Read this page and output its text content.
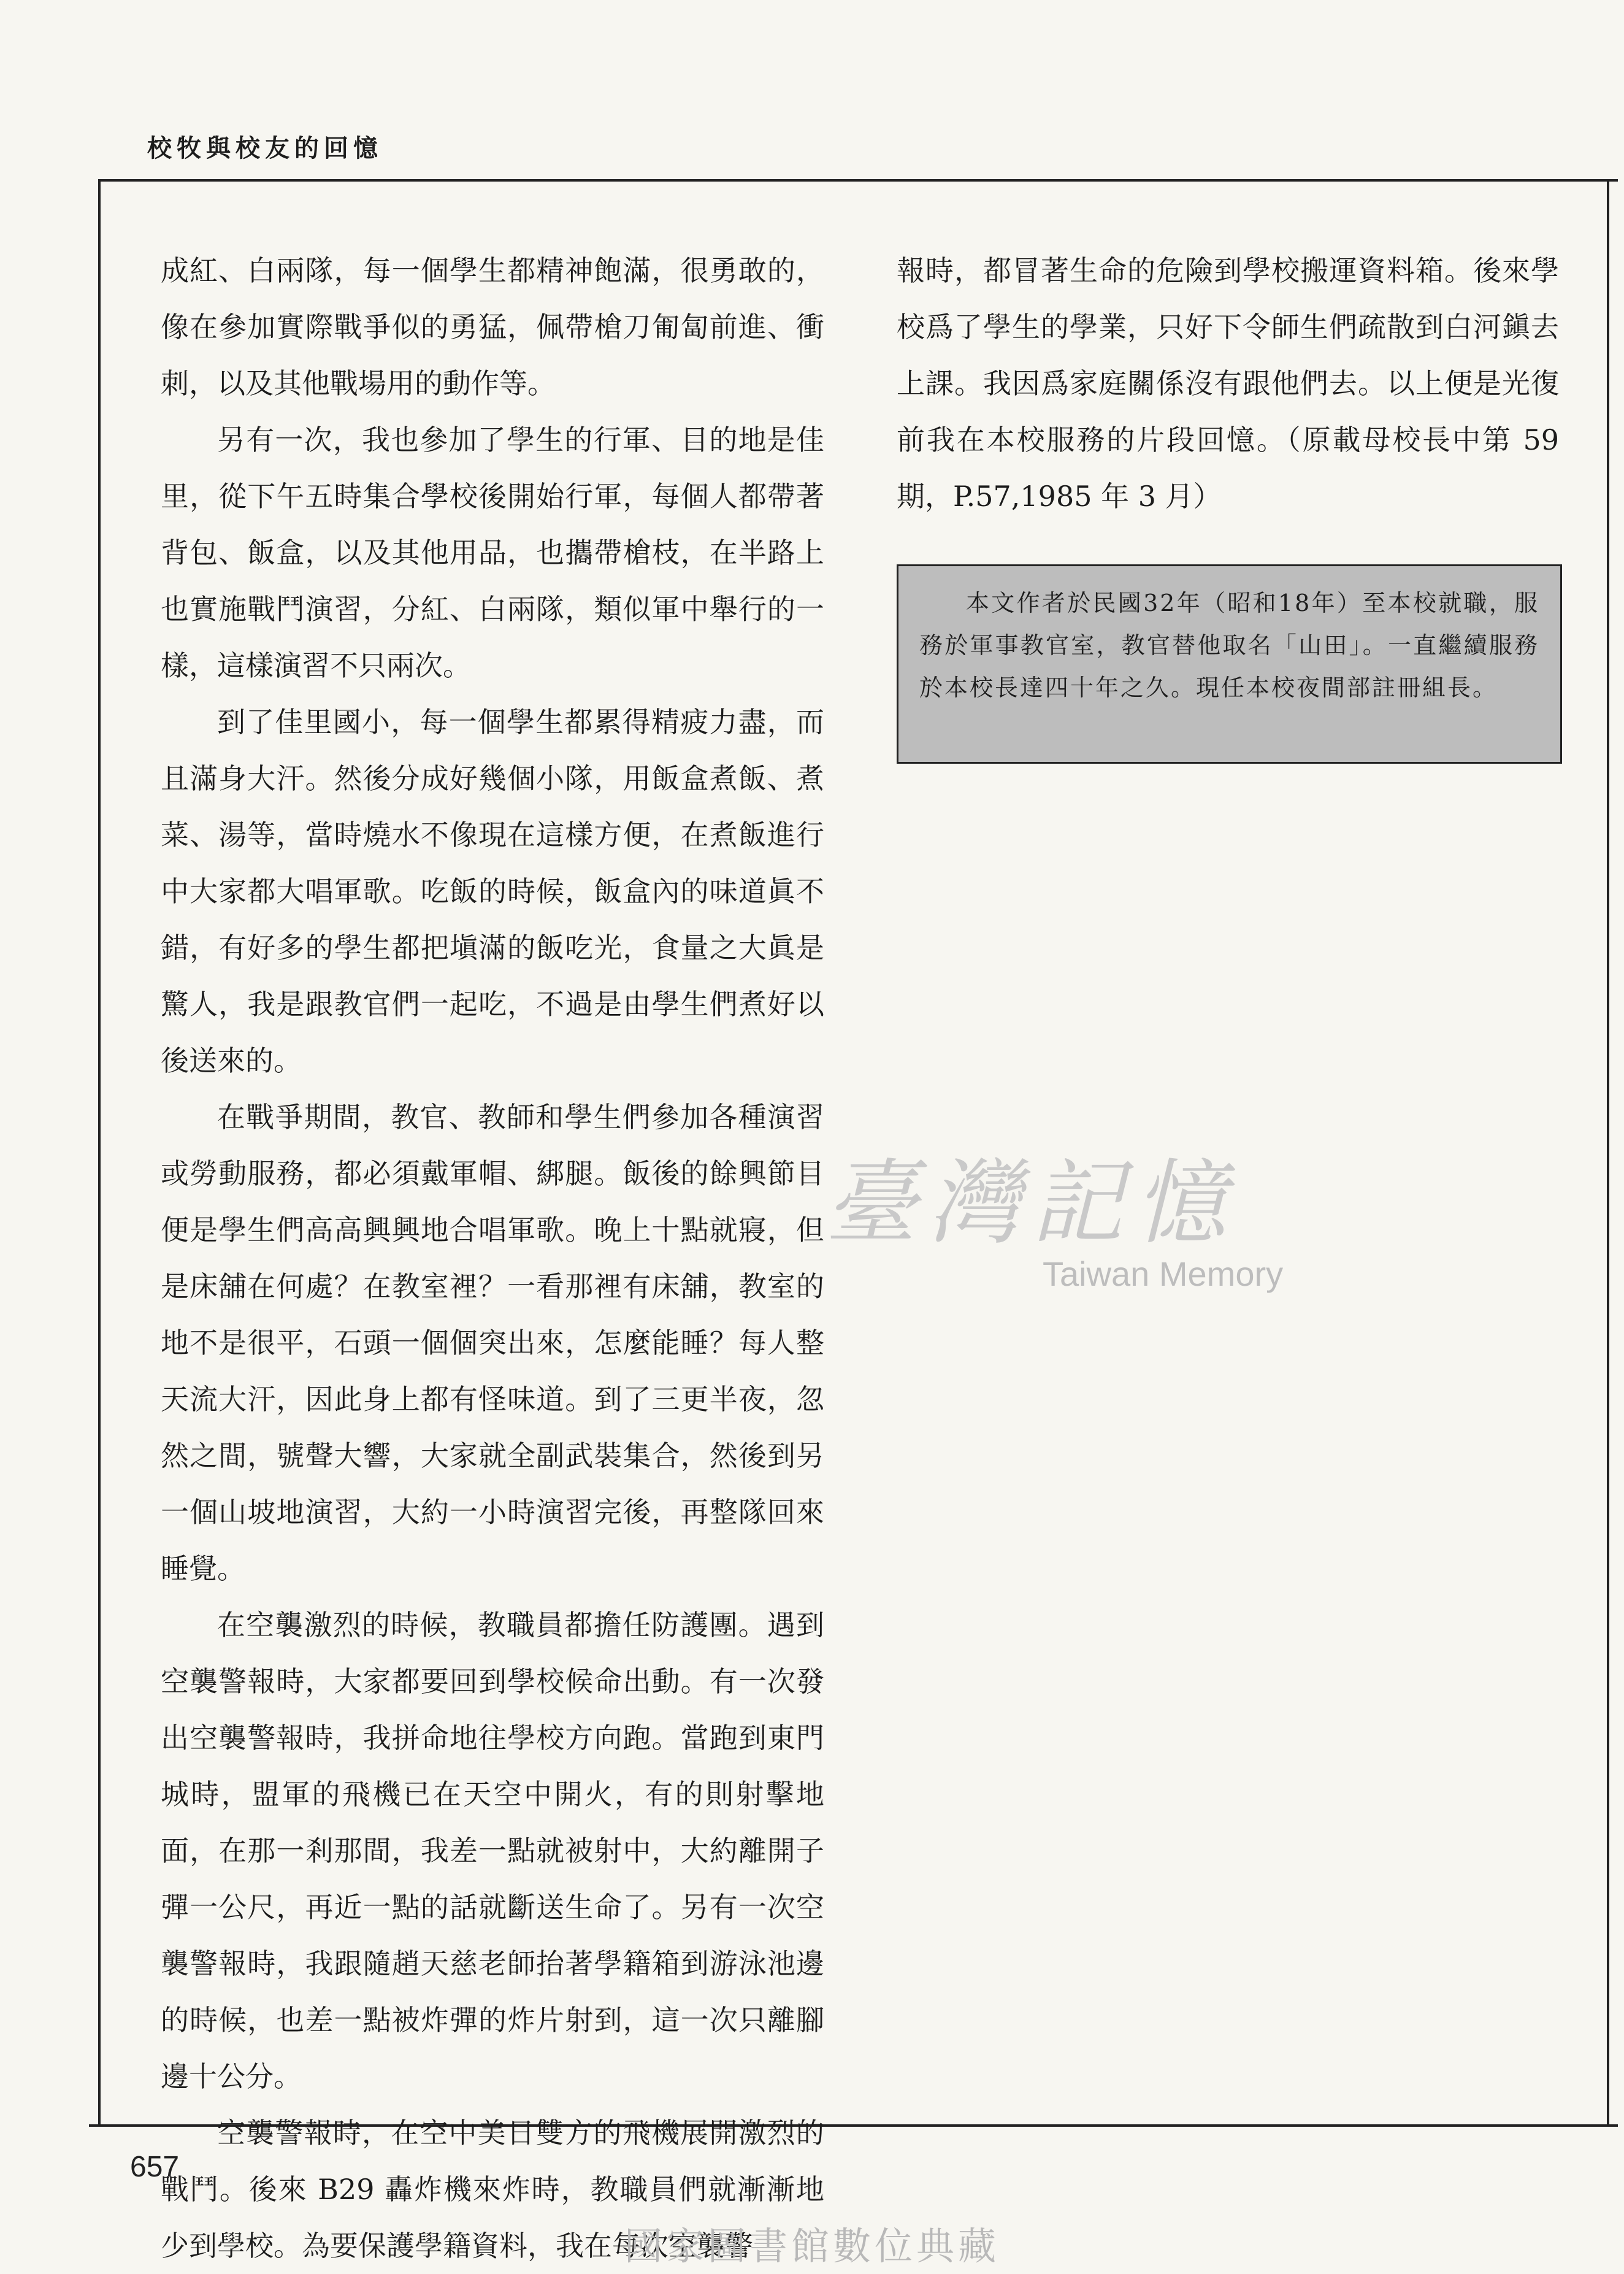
校牧與校友的回憶

成紅、白兩隊，每一個學生都精神飽滿，很勇敢的，像在參加實際戰爭似的勇猛，佩帶槍刀匍匐前進、衝刺，以及其他戰場用的動作等。

另有一次，我也參加了學生的行軍、目的地是佳里，從下午五時集合學校後開始行軍，每個人都帶著背包、飯盒，以及其他用品，也攜帶槍枝，在半路上也實施戰鬥演習，分紅、白兩隊，類似軍中舉行的一樣，這樣演習不只兩次。

到了佳里國小，每一個學生都累得精疲力盡，而且滿身大汗。然後分成好幾個小隊，用飯盒煮飯、煮菜、湯等，當時燒水不像現在這樣方便，在煮飯進行中大家都大唱軍歌。吃飯的時候，飯盒內的味道眞不錯，有好多的學生都把塡滿的飯吃光，食量之大眞是驚人，我是跟教官們一起吃，不過是由學生們煮好以後送來的。

在戰爭期間，教官、教師和學生們參加各種演習或勞動服務，都必須戴軍帽、綁腿。飯後的餘興節目便是學生們高高興興地合唱軍歌。晚上十點就寢，但是床舖在何處？在教室裡？一看那裡有床舖，教室的地不是很平，石頭一個個突出來，怎麼能睡？每人整天流大汗，因此身上都有怪味道。到了三更半夜，忽然之間，號聲大響，大家就全副武裝集合，然後到另一個山坡地演習，大約一小時演習完後，再整隊回來睡覺。

在空襲激烈的時候，教職員都擔任防護團。遇到空襲警報時，大家都要回到學校候命出動。有一次發出空襲警報時，我拼命地往學校方向跑。當跑到東門城時，盟軍的飛機已在天空中開火，有的則射擊地面，在那一剎那間，我差一點就被射中，大約離開子彈一公尺，再近一點的話就斷送生命了。另有一次空襲警報時，我跟隨趙天慈老師抬著學籍箱到游泳池邊的時候，也差一點被炸彈的炸片射到，這一次只離腳邊十公分。

空襲警報時，在空中美日雙方的飛機展開激烈的戰鬥。後來 B29 轟炸機來炸時，教職員們就漸漸地少到學校。為要保護學籍資料，我在每次空襲警

報時，都冒著生命的危險到學校搬運資料箱。後來學校爲了學生的學業，只好下令師生們疏散到白河鎭去上課。我因爲家庭關係沒有跟他們去。以上便是光復前我在本校服務的片段回憶。（原載母校長中第 59 期，P.57,1985 年 3 月）

本文作者於民國32年（昭和18年）至本校就職，服務於軍事教官室，教官替他取名「山田」。一直繼續服務於本校長達四十年之久。現任本校夜間部註冊組長。

臺灣記憶
Taiwan Memory
657
國家圖書館數位典藏
